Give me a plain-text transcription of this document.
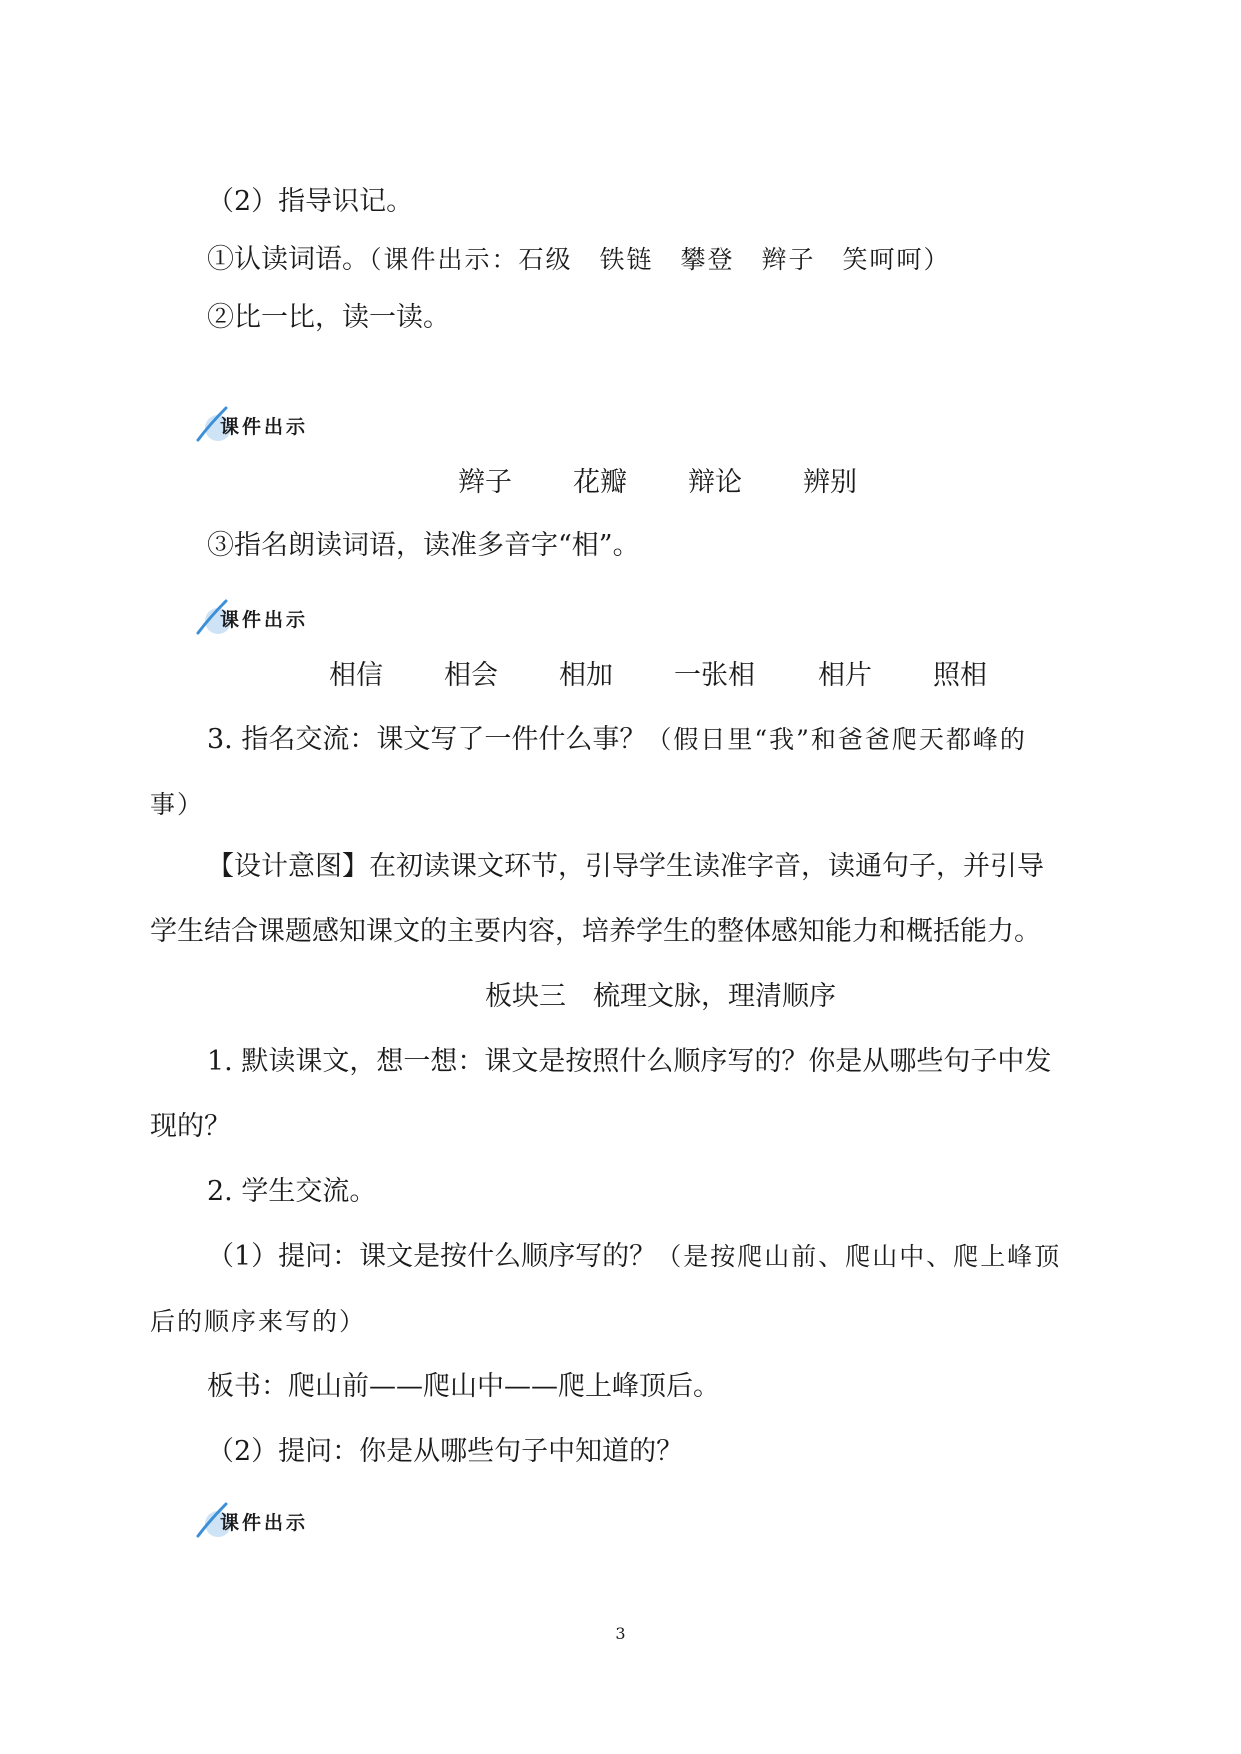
（2）指导识记。
①认读词语。（课件出示：石级　铁链　攀登　辫子　笑呵呵）
②比一比，读一读。
课件出示
辫子 花瓣 辩论 辨别
③指名朗读词语，读准多音字“相”。
课件出示
相信 相会 相加 一张相 相片 照相
3. 指名交流：课文写了一件什么事？（假日里“我”和爸爸爬天都峰的
事）
【设计意图】在初读课文环节，引导学生读准字音，读通句子，并引导
学生结合课题感知课文的主要内容，培养学生的整体感知能力和概括能力。
板块三　梳理文脉，理清顺序
1. 默读课文，想一想：课文是按照什么顺序写的？你是从哪些句子中发
现的？
2. 学生交流。
（1）提问：课文是按什么顺序写的？（是按爬山前、爬山中、爬上峰顶
后的顺序来写的）
板书：爬山前——爬山中——爬上峰顶后。
（2）提问：你是从哪些句子中知道的？
课件出示
3
